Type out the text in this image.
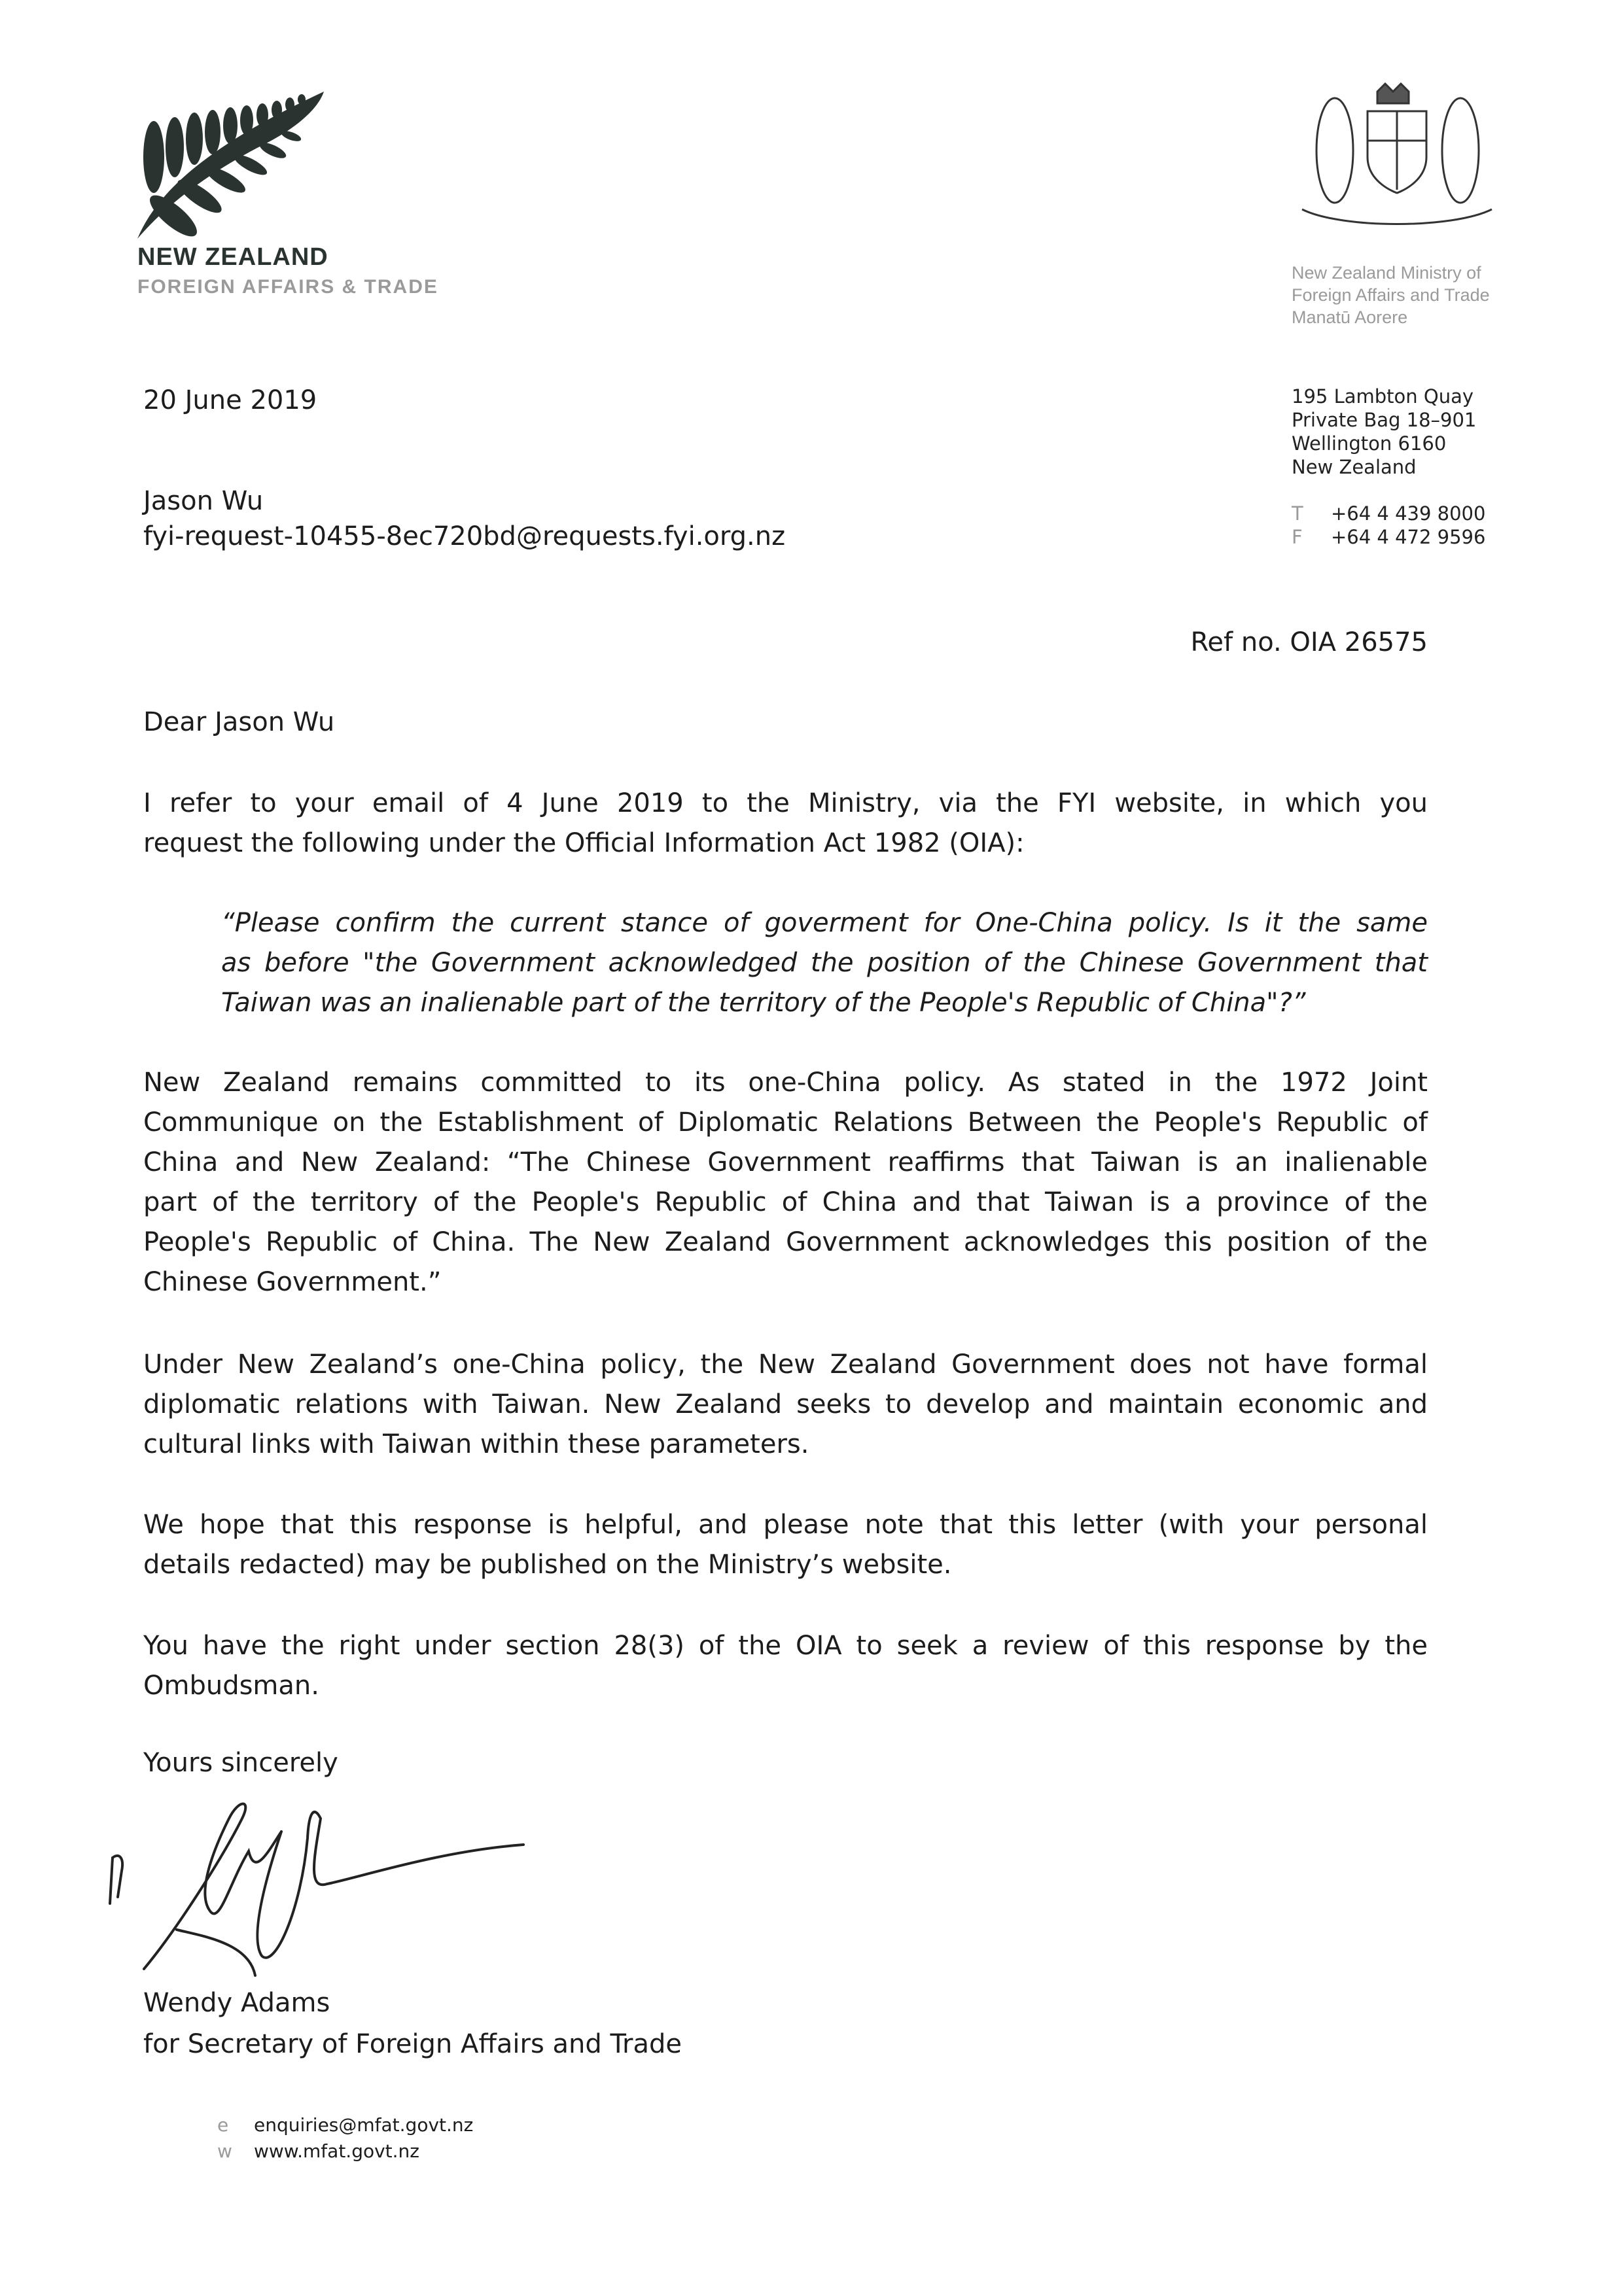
NEW ZEALAND
FOREIGN AFFAIRS & TRADE
New Zealand Ministry of
Foreign Affairs and Trade
Manatū Aorere
195 Lambton Quay
Private Bag 18–901
Wellington 6160
New Zealand
T +64 4 439 8000
F +64 4 472 9596
20 June 2019
Jason Wu
fyi-request-10455-8ec720bd@requests.fyi.org.nz
Ref no. OIA 26575
Dear Jason Wu
I refer to your email of 4 June 2019 to the Ministry, via the FYI website, in which you
request the following under the Official Information Act 1982 (OIA):
“Please confirm the current stance of goverment for One-China policy. Is it the same
as before "the Government acknowledged the position of the Chinese Government that
Taiwan was an inalienable part of the territory of the People's Republic of China"?”
New Zealand remains committed to its one-China policy. As stated in the 1972 Joint
Communique on the Establishment of Diplomatic Relations Between the People's Republic of
China and New Zealand: “The Chinese Government reaffirms that Taiwan is an inalienable
part of the territory of the People's Republic of China and that Taiwan is a province of the
People's Republic of China. The New Zealand Government acknowledges this position of the
Chinese Government.”
Under New Zealand’s one-China policy, the New Zealand Government does not have formal
diplomatic relations with Taiwan. New Zealand seeks to develop and maintain economic and
cultural links with Taiwan within these parameters.
We hope that this response is helpful, and please note that this letter (with your personal
details redacted) may be published on the Ministry’s website.
You have the right under section 28(3) of the OIA to seek a review of this response by the
Ombudsman.
Yours sincerely
Wendy Adams
for Secretary of Foreign Affairs and Trade
e enquiries@mfat.govt.nz
w www.mfat.govt.nz
